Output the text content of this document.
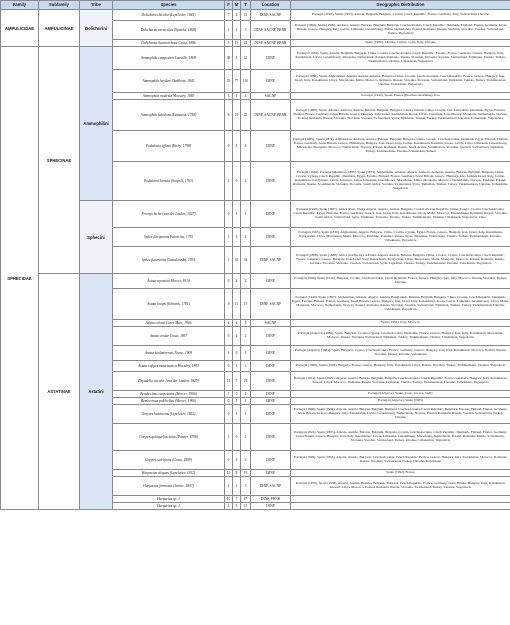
Family	Subfamily	Tribe	Species	F	M	T	Location	Geographic Distribution
AMPULICIDAE	AMPULICINAE	Dolichurini	Dolichurus bicolor (Lepeletier, 1845)	7	4	11	DINP, SACNP	Portugal (2002), Spain (1993), Austria, Belgium, Bulgaria, Croatia, Czech Republic, France, Germany, Italy, Switzerland, Ukraine
			Dolichurus corniculus (Spinola, 1808)	3	2	5	DINP, SACNP, PBNR	Portugal (1994), Spain (1900), Andorra, Austria, Belarus, Belgium, Bulgaria, Czechoslovakia, Czech Republic, Denmark, England, France, Germany, Great Britain, Greece, Hungary, Italy, Latvia, Lithuania, Luxembourg, Malta, Netherlands, Poland, Romania, Russia, Sardinia, Slovakia, Sweden, Switzerland, Turkey, Yugoslavia
			Dolichurus haemorrhous Costa, 1886	5	19	24	DINP, SACNP, PBNR	Spain (1982), Albania, Cyprus, Crete, Italy, Ukraine
SPHECIDAE	SPHECINAE	Ammophilini	Ammophila campestris Latreille, 1809	38	4	42	DINP	Portugal (1994), Spain, Austria, Belgium, Bulgaria, China, Croatia, Czechoslovakia, Czech Republic, Estonia, France, Germany, Greece, Hungary, Italy, Kazakhstan, Latvia, Luxembourg, Mongolia, Netherlands, Poland, Romania, Russia, Slovakia, Slovenia, Sweden, Switzerland, Tajikistan, Tunisia, Turkey, Turkmenistan, Ukraine, Uzbekistan, Yugoslavia
			Ammophila heydeni Dahlbom, 1845	33	77	110	DINP	Portugal (1886), Spain, Afghanistan, Algeria, Austria, Albania, Bulgaria, China, Croatia, Czechoslovakia, Czech Republic, France, Greece, Hungary, Iran, Israel, Italy, Kazakhstan, Libya, Macedonia, Malta, Morocco, Romania, Russia, Slovakia, Slovenia, Switzerland, Tajikistan, Tunisia, Turkey, Turkmenistan, Ukraine, Uzbekistan, Yugoslavia
			Ammophila modesta Mocsáry, 1883	3	1	4	SACNP	Portugal (1940), Spain, France (Bouches-du-Rhône), Iran
			Ammophila sabulosa (Linnaeus, 1758)	6	19	25	DINP, SACNP, PBNR	Portugal (1898), Spain, Albania, Andorra, Austria, Belarus, Belgium, Bulgaria, Canary Islands, China, Croatia, Czech Republic, Denmark, Egypt, Estonia, Finland, France, Germany, Great Britain, Greece, Hungary, Italy, Israel, Kazakhstan, Korea, Latvia, Lithuania, Luxembourg, Mongolia, Netherlands, Norway, Poland, Romania, Russia, Slovakia, Slovenia, Sweden, Switzerland, Syria, Tajikistan, Tunisia, Turkey, Turkmenistan, Ukraine, Uzbekistan, Yugoslavia
			Podalonia affinis (Kirby, 1798)	0	4	4	DINP	Portugal (1965), Spain (1874), Afghanistan, Andorra, Austria, Belarus, Belgium, Bulgaria, China, Croatia, Czechoslovakia, Denmark, Egypt, Estonia, Finland, France, Germany, Great Britain, Greece, Himalayas, Hungary, Iran, Israel, Italy, Jordan, Kazakhstan, Kashmir, Korea, Latvia, Libya, Lithuania, Luxembourg, Macedonia, Mongolia, Morocco, Netherlands, Norway, Poland, Romania, Russia, Saudi Arabia, Scandinavia, Slovakia, Sweden, Switzerland, Tajikistan, Turkey, Turkmenistan, Ukraine, Uzbekistan, Yemen
			Podalonia hirsuta (Scopoli, 1763)	2	0	2	DINP	Portugal (1904), Portugal (Madeira) (1883), Spain (1874), Afghanistan, Albania, Algeria, Andorra, Armenia, Austria, Belarus, Belgium, Bulgaria, China, Croatia, Cyprus, Czech Republic, Denmark, Egypt, Estonia, Finland, France, Germany, Great Britain, Greece, Hungary, Iran, Ireland, Israel, Italy, Jordan, Kazakhstan, Kyrgyzstan, Latvia, Lebanon, Libya, Lithuania, Luxembourg, Macedonia, Malta, Mongolia, Morocco, Netherlands, Norway, Pakistan, Poland, Romania, Russia, Scandinavia, Slovakia, Slovenia, South Africa, Sweden, Switzerland, Syria, Tajikistan, Tunisia, Turkey, Turkmenistan, Ukraine, Uzbekistan, Yugoslavia
		Sphecini	Prionyx kirbii (van der Linden, 1827)	0	1	1	DINP	Portugal (1949), Spain (1827), Africa (East, West), Algeria, Angola, Austria, Bulgaria, Central African Republic, China, Congo, Croatia, Czechoslovakia, Czech Republic, Egypt, Ethiopia, France, Germany, Greece, Iran, Israel, Italy, Kazakhstan, Libya, Malta, Morocco, Mozambique, Romania, Russia, Slovakia, South Africa, Switzerland, Syria, Tajikistan, Tanzania, Tunisia, Turkey, Turkmenistan, Ukraine, Uzbekistan, Yugoslavia, Zaire
			Sphex flavipennis Fabricius, 1793	1	3	4	DINP	Portugal (1965), Spain (1830), Afghanistan, Algeria, Bulgaria, China, Croatia, Cyprus, Egypt, France, Greece, Hungary, Iran, Israel, Italy, Kazakhstan, Kyrgyzstan, Libya, Macedonia, Malta, Morocco, Palestine, Romania, Russia, Syria, Tajikistan, Transcaspia, Tunisia, Turkey, Turkmenistan, Ukraine, Uzbekistan, Yugoslavia
			Sphex funerarius Gussakovskij, 1934	1	33	34	DINP, SACNP	Portugal (1898), Spain (1888), Africa (northwest), Albania, Algeria, Austria, Belarus, Bulgaria, China, Croatia, Cyprus, Czechoslovakia, Czech Republic, France, Germany, Greece, Hungary, Iran, Israel, Italy, Kazakhstan, Kyrgyzstan, Libya, Macedonia, Malta, Mongolia, Morocco, Poland, Romania, Russia, Sardinia, Slovakia, Slovenia, Sweden, Switzerland, Syria, Tajikistan, Tunisia, Turkey, Turkmenistan, Ukraine, Uzbekistan, Yugoslavia
	ASTATINAE	Astatini	Astata apostata Mercet, 1910	0	2	2	DINP	Portugal (1996), Spain (1910), Bulgaria, Croatia, Czechoslovakia, Czech Republic, France, Greece, Hungary, Iran, Italy, Morocco, Russia, Slovakia, Turkey, Ukraine
			Astata boops (Schrank, 1781)	6	11	17	DINP, SACNP	Portugal (1949), Spain (1897), Afghanistan, Albania, Algeria, Austria, Bangladesh, Belarus, Belgium, Bulgaria, China, Croatia, Czech Republic, Denmark, Egypt, Estonia, Finland, France, Germany, Great Britain, Greece, Hungary, Iran, Israel, Italy, Kazakhstan, Korea, Latvia, Lithuania, Luxembourg, Libya, Malta, Mongolia, Morocco, Netherlands, Norway, Poland, Romania, Russia, Slovakia, Sweden, Switzerland, Tajikistan, Tunisia, Turkey, Turkmenistan, Ukraine, Uzbekistan, Yugoslavia
			Astata cobosi Giner Marí, 1946	4	4	8	SACNP	Spain (1962), Italy, Morocco
			Astata costae Costa, 1867	0	2	2	DINP	Portugal (Algarve) (1984), Spain, Bulgaria, Croatia, Cyprus, Czechoslovakia, Dushanbe, France, Greece, Hungary, Iran, Italy, Kazakhstan, Macedonia, Morocco, Russia, Slovakia, Switzerland, Tajikistan, Turkey, Turkmenistan, Ukraine, Uzbekistan, Yugoslavia
			Astata kashmirensis Nurse, 1909	1	0	1	DINP	Portugal (Algarve) (1984), Spain, Bulgaria, Cyprus, Czechoslovakia, France, Germany, Greece, Hungary, Iran, Italy, Kazakhstan, Morocco, Poland, Russia, Slovakia, Turkey, Ukraine, Uzbekistan
			Astata rufipes mauritanica Mocsáry, 1883	0	1	1	DINP	Portugal (1906), Spain (1906), Bulgaria, France, Greece, Hungary, Italy, Kazakhstan, Libya, Russia, Slovakia, Turkey, Turkmenistan, Ukraine, Yugoslavia
			Dryudella tricolor (van der Linden, 1829)	14	7	21	DINP	Portugal (1951), Spain (1829), Algeria, Austria, Belarus, Belgium, Bulgaria, Czechoslovakia, Czech Republic, France, Germany, Hungary, Italy, Kazakhstan, Kuwait, Libya, Morocco, Romania, Russia, Slovakia, Tajikistan, Tunisia, Turkey, Turkmenistan, Ukraine, Uzbekistan, Yugoslavia
			Bembecinus carpetanus (Mercet, 1906)	1	0	1	DINP	Portugal (Algarve), Spain, Crete, Greece, Sicily
			Bembecinus pulchellus (Mercet, 1906)	0	1	1	DINP	Portugal (Algarve), Spain (1905)
			Gorytes laticinctus (Lepeletier, 1832)	0	1	1	DINP	Portugal (1896), Spain (1902), Algeria, Austria, Belarus, Belgium, Bulgaria, Czechoslovakia, Czech Republic, Denmark, Estonia, Finland, France, Germany, Great Britain, Greece, Hungary, Italy, Kazakhstan, Latvia, Luxembourg, Netherlands, Norway, Poland, Romania, Russia, Sweden, Switzerland, Turkey, Ukraine
			Gorytes quinquefasciatus (Panzer, 1798)	1	0	1	DINP	Portugal (1924), Spain (1895), Algeria, Austria, Belarus, Belgium, Bulgaria, Croatia, Czechoslovakia, Czech Republic, Denmark, Finland, France, Germany, Great Britain, Greece, Hungary, Iran, Italy, Kazakhstan, Latvia, Lithuania, Luxembourg, Macedonia, Netherlands, Poland, Romania, Russia, Scandinavia, Slovakia, Sweden, Switzerland, Turkey, Ukraine, Uzbekistan, Yugoslavia
			Gorytes sulcifrons (Costa, 1869)	0	3	3	DINP	Portugal (1949), Spain (1895), Algeria, Austria, Bulgaria, Czechoslovakia, Czech Republic, France, Greece, Hungary, Italy, Kazakhstan, Morocco, Romania, Russia, Slovakia, Switzerland, Turkey, Ukraine, Uzbekistan
			Harpactus elegans (Lepeletier, 1832)	11	8	19	DINP	Spain (1992), France
			Harpactus formosus (Jurine, 1807)	2	3	5	DINP, SACNP	Portugal (1979), Spain (1959), Algeria, Austria, Belarus, Belgium, Bulgaria, Czech Republic, France, Germany, Great Britain, Hungary, Italy, Kazakhstan, Kuwait, Libya, Morocco, Poland, Romania, Russia, Slovakia, Switzerland, Turkey, Ukraine, Yugoslavia
			Harpactus sp. 1	10	7	17	DINP, PBNR	
			Harpactus sp. 2	4	9	13	DINP	
